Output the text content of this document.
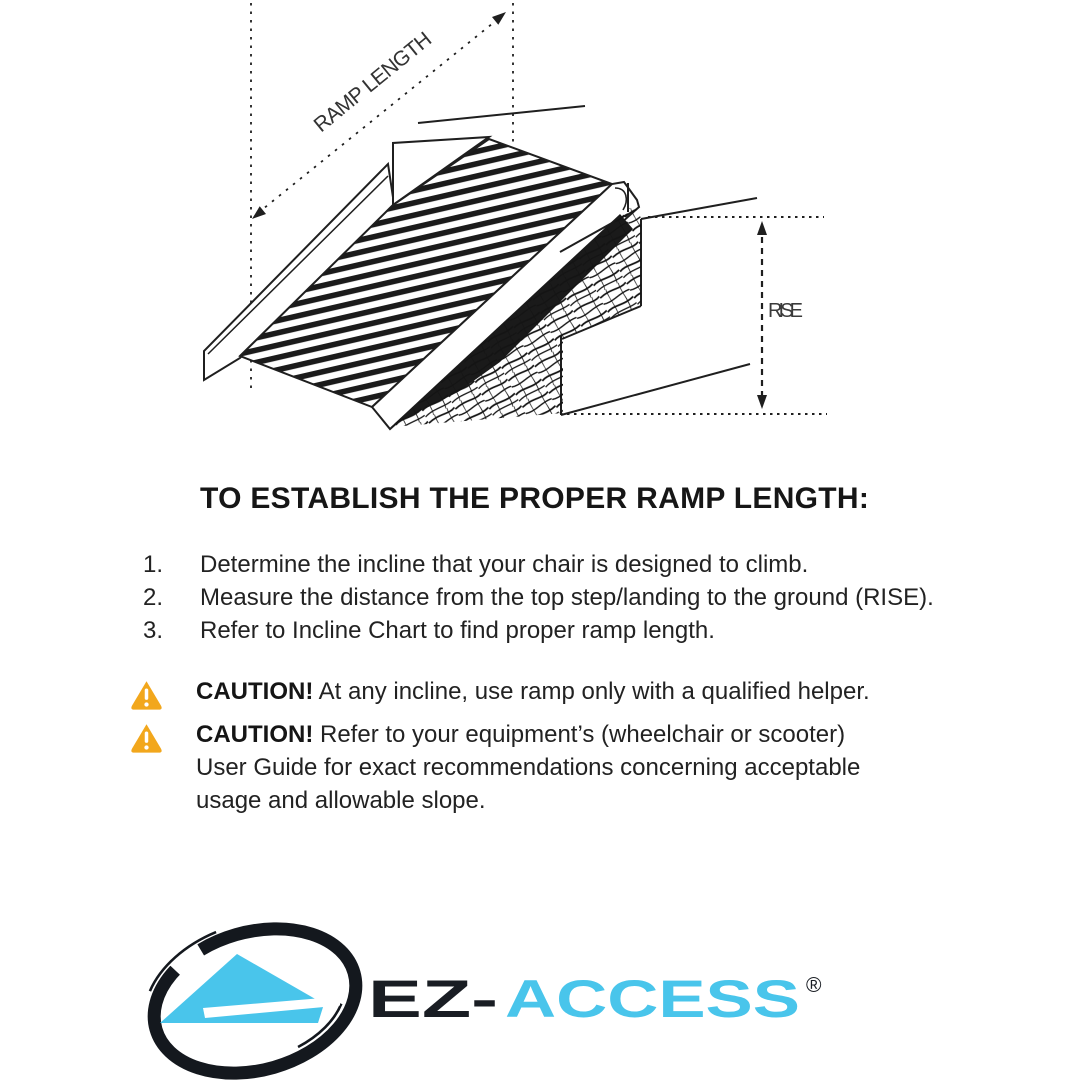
RAMP LENGTH
RISE
TO ESTABLISH THE PROPER RAMP LENGTH:
1.	Determine the incline that your chair is designed to climb.
2.	Measure the distance from the top step/landing to the ground (RISE).
3.	Refer to Incline Chart to find proper ramp length.

CAUTION! At any incline, use ramp only with a qualified helper.

CAUTION! Refer to your equipment’s (wheelchair or scooter) User Guide for exact recommendations concerning acceptable usage and allowable slope.

EZ- ACCESS ®
